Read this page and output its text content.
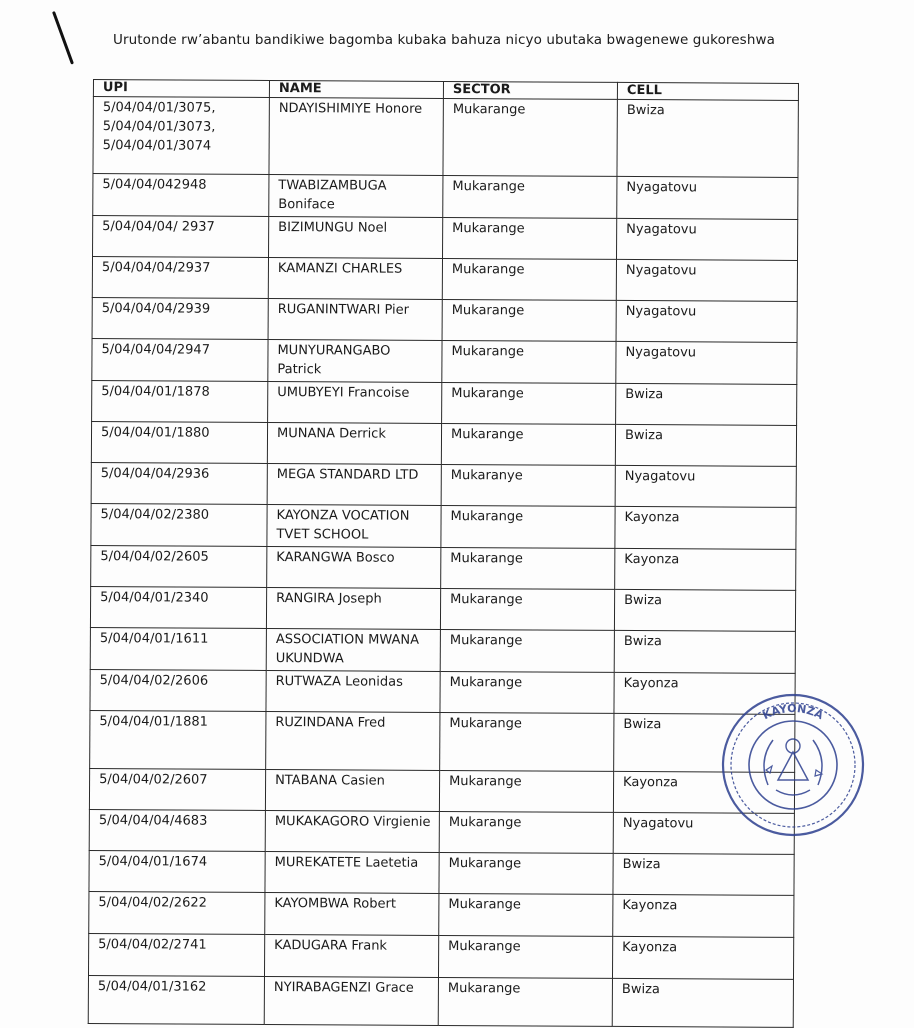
Urutonde rw’abantu bandikiwe bagomba kubaka bahuza nicyo ubutaka bwagenewe gukoreshwa
UPI	NAME	SECTOR	CELL
5/04/04/01/3075,
5/04/04/01/3073,
5/04/04/01/3074	NDAYISHIMIYE Honore	Mukarange	Bwiza
5/04/04/042948	TWABIZAMBUGA Boniface	Mukarange	Nyagatovu
5/04/04/04/ 2937	BIZIMUNGU Noel	Mukarange	Nyagatovu
5/04/04/04/2937	KAMANZI CHARLES	Mukarange	Nyagatovu
5/04/04/04/2939	RUGANINTWARI Pier	Mukarange	Nyagatovu
5/04/04/04/2947	MUNYURANGABO Patrick	Mukarange	Nyagatovu
5/04/04/01/1878	UMUBYEYI Francoise	Mukarange	Bwiza
5/04/04/01/1880	MUNANA Derrick	Mukarange	Bwiza
5/04/04/04/2936	MEGA STANDARD LTD	Mukaranye	Nyagatovu
5/04/04/02/2380	KAYONZA VOCATION TVET SCHOOL	Mukarange	Kayonza
5/04/04/02/2605	KARANGWA Bosco	Mukarange	Kayonza
5/04/04/01/2340	RANGIRA Joseph	Mukarange	Bwiza
5/04/04/01/1611	ASSOCIATION MWANA UKUNDWA	Mukarange	Bwiza
5/04/04/02/2606	RUTWAZA Leonidas	Mukarange	Kayonza
5/04/04/01/1881	RUZINDANA Fred	Mukarange	Bwiza
5/04/04/02/2607	NTABANA Casien	Mukarange	Kayonza
5/04/04/04/4683	MUKAKAGORO Virgienie	Mukarange	Nyagatovu
5/04/04/01/1674	MUREKATETE Laetetia	Mukarange	Bwiza
5/04/04/02/2622	KAYOMBWA Robert	Mukarange	Kayonza
5/04/04/02/2741	KADUGARA Frank	Mukarange	Kayonza
5/04/04/01/3162	NYIRABAGENZI Grace	Mukarange	Bwiza
KAYONZA
